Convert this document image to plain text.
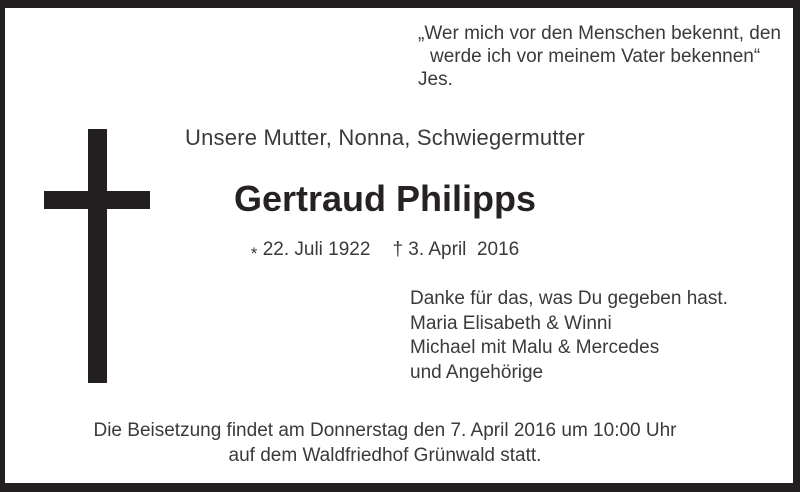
„Wer mich vor den Menschen bekennt, den
werde ich vor meinem Vater bekennen“
Jes.
Unsere Mutter, Nonna, Schwiegermutter
Gertraud Philipps
* 22. Juli 1922 † 3. April  2016
Die Beisetzung findet am Donnerstag den 7. April 2016 um 10:00 Uhr
auf dem Waldfriedhof Grünwald statt.
Danke für das, was Du gegeben hast.
Maria Elisabeth & Winni
Michael mit Malu & Mercedes
und Angehörige
